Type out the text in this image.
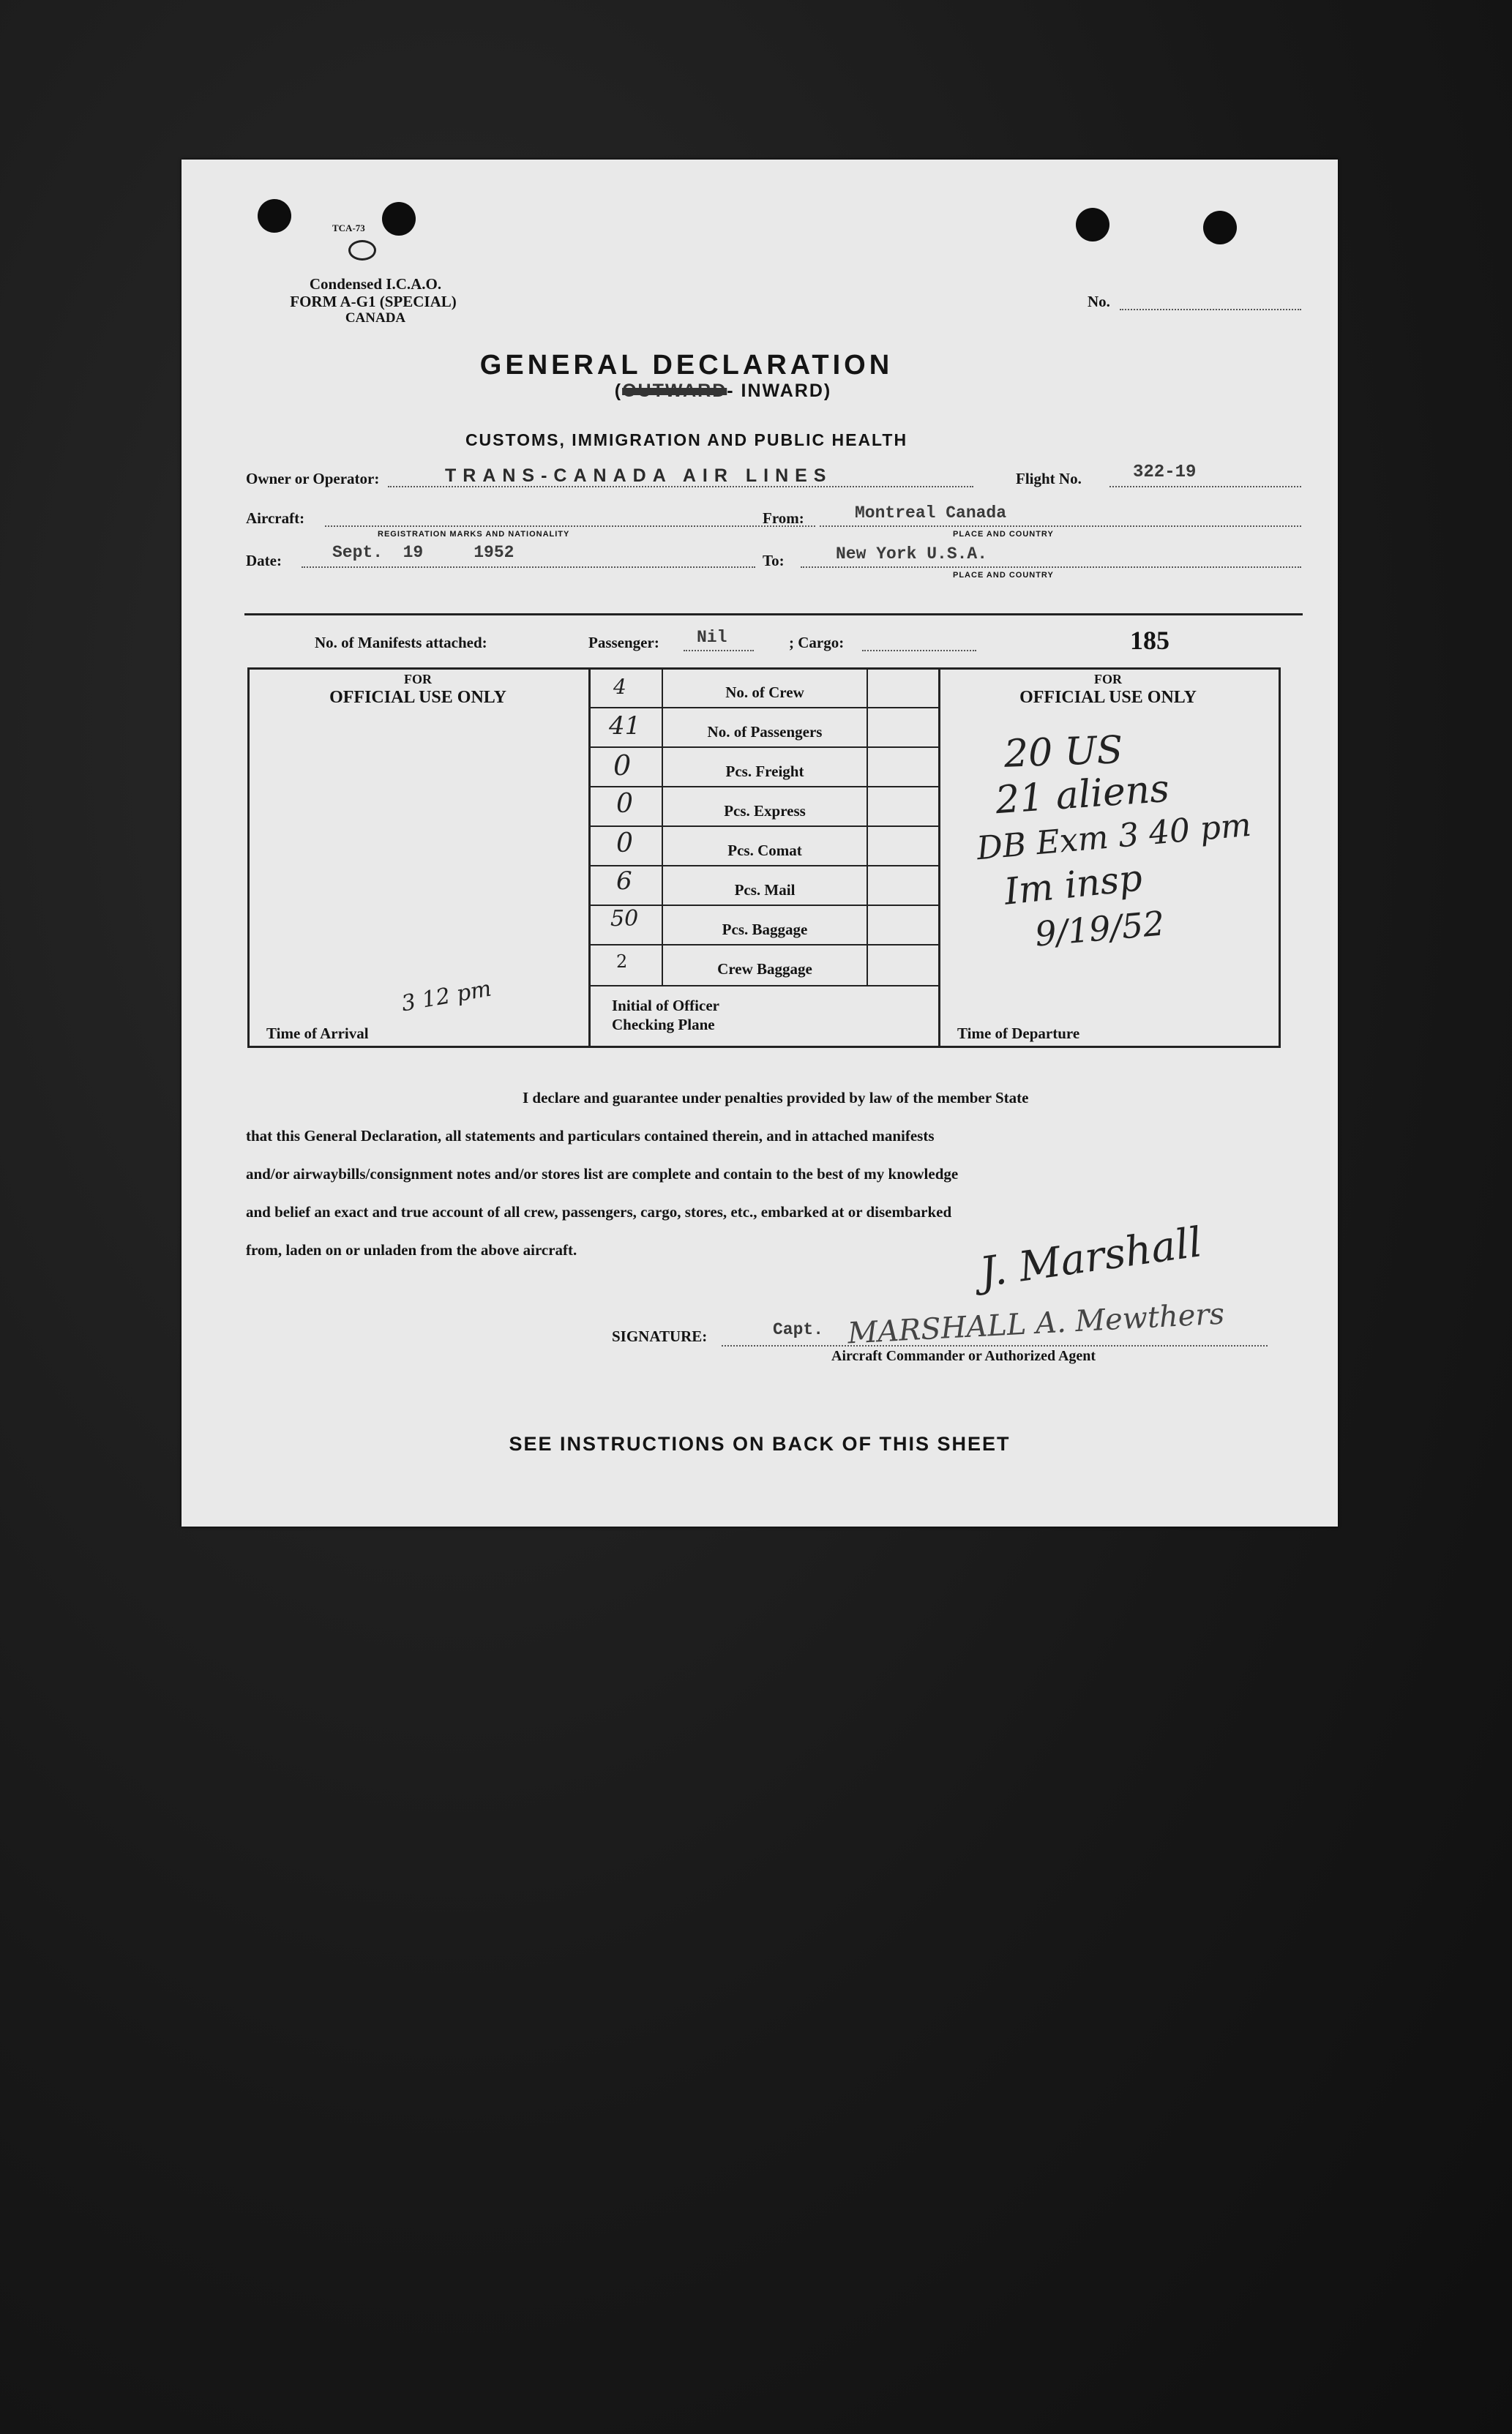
TCA-73
Condensed I.C.A.O.
FORM A-G1 (SPECIAL)
CANADA
No.
GENERAL DECLARATION
(OUTWARD- INWARD)
CUSTOMS, IMMIGRATION AND PUBLIC HEALTH
Owner or Operator:	TRANS-CANADA AIR LINES	Flight No.	322-19
Aircraft:
REGISTRATION MARKS AND NATIONALITY
From:	Montreal Canada
PLACE AND COUNTRY
Date:	Sept.  19     1952	To:	New York U.S.A.
PLACE AND COUNTRY
No. of Manifests attached:	Passenger: Nil	; Cargo:	185
FOR
OFFICIAL USE ONLY
FOR
OFFICIAL USE ONLY
4	No. of Crew
41	No. of Passengers
0	Pcs. Freight
0	Pcs. Express
0	Pcs. Comat
6	Pcs. Mail
50	Pcs. Baggage
2	Crew Baggage
Initial of Officer
Checking Plane
Time of Arrival
3 12 pm
Time of Departure
20 US
21 aliens
DB Exm 3 40 pm
Im insp
9/19/52
I declare and guarantee under penalties provided by law of the member State
that this General Declaration, all statements and particulars contained therein, and in attached manifests
and/or airwaybills/consignment notes and/or stores list are complete and contain to the best of my knowledge
and belief an exact and true account of all crew, passengers, cargo, stores, etc., embarked at or disembarked
from, laden on or unladen from the above aircraft.	J. Marshall
SIGNATURE:	Capt. MARSHALL A. Mewthers
Aircraft Commander or Authorized Agent
SEE INSTRUCTIONS ON BACK OF THIS SHEET
